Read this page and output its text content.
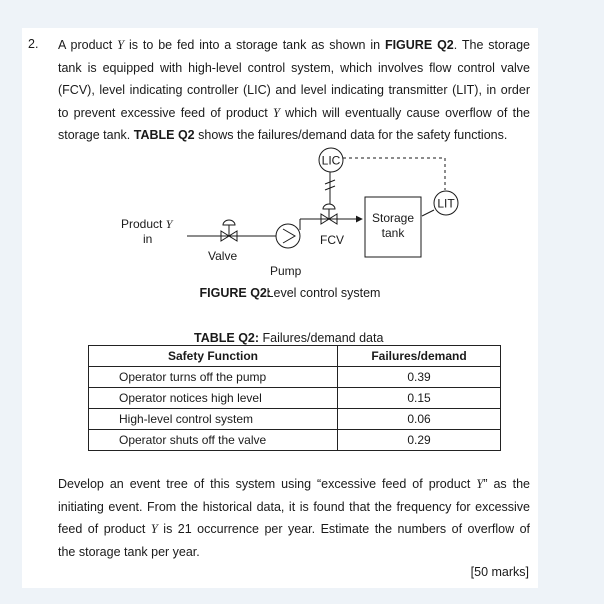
2. A product Y is to be fed into a storage tank as shown in FIGURE Q2. The storage
tank is equipped with high-level control system, which involves flow control valve
(FCV), level indicating controller (LIC) and level indicating transmitter (LIT), in order
to prevent excessive feed of product Y which will eventually cause overflow of the
storage tank. TABLE Q2 shows the failures/demand data for the safety functions.
LIC
LIT
Storage
tank
Product Y
in
Valve
Pump
FCV
FIGURE Q2: Level control system
TABLE Q2: Failures/demand data
Safety Function	Failures/demand
Operator turns off the pump	0.39
Operator notices high level	0.15
High-level control system	0.06
Operator shuts off the valve	0.29
Develop an event tree of this system using “excessive feed of product Y” as the
initiating event. From the historical data, it is found that the frequency for excessive
feed of product Y is 21 occurrence per year. Estimate the numbers of overflow of
the storage tank per year.
[50 marks]
